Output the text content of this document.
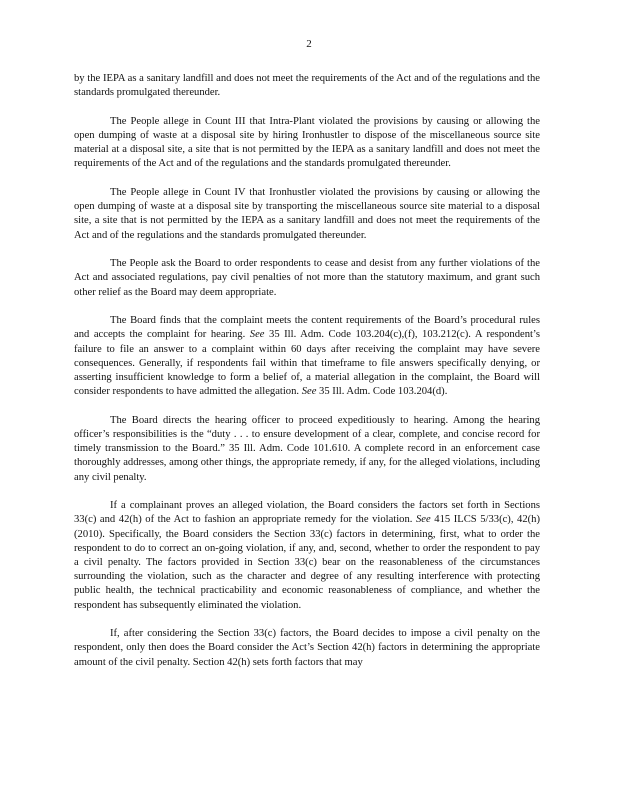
2

by the IEPA as a sanitary landfill and does not meet the requirements of the Act and of the regulations and the standards promulgated thereunder.

The People allege in Count III that Intra-Plant violated the provisions by causing or allowing the open dumping of waste at a disposal site by hiring Ironhustler to dispose of the miscellaneous source site material at a disposal site, a site that is not permitted by the IEPA as a sanitary landfill and does not meet the requirements of the Act and of the regulations and the standards promulgated thereunder.

The People allege in Count IV that Ironhustler violated the provisions by causing or allowing the open dumping of waste at a disposal site by transporting the miscellaneous source site material to a disposal site, a site that is not permitted by the IEPA as a sanitary landfill and does not meet the requirements of the Act and of the regulations and the standards promulgated thereunder.

The People ask the Board to order respondents to cease and desist from any further violations of the Act and associated regulations, pay civil penalties of not more than the statutory maximum, and grant such other relief as the Board may deem appropriate.

The Board finds that the complaint meets the content requirements of the Board’s procedural rules and accepts the complaint for hearing. See 35 Ill. Adm. Code 103.204(c),(f), 103.212(c). A respondent’s failure to file an answer to a complaint within 60 days after receiving the complaint may have severe consequences. Generally, if respondents fail within that timeframe to file answers specifically denying, or asserting insufficient knowledge to form a belief of, a material allegation in the complaint, the Board will consider respondents to have admitted the allegation. See 35 Ill. Adm. Code 103.204(d).

The Board directs the hearing officer to proceed expeditiously to hearing. Among the hearing officer’s responsibilities is the “duty . . . to ensure development of a clear, complete, and concise record for timely transmission to the Board.” 35 Ill. Adm. Code 101.610. A complete record in an enforcement case thoroughly addresses, among other things, the appropriate remedy, if any, for the alleged violations, including any civil penalty.

If a complainant proves an alleged violation, the Board considers the factors set forth in Sections 33(c) and 42(h) of the Act to fashion an appropriate remedy for the violation. See 415 ILCS 5/33(c), 42(h) (2010). Specifically, the Board considers the Section 33(c) factors in determining, first, what to order the respondent to do to correct an on-going violation, if any, and, second, whether to order the respondent to pay a civil penalty. The factors provided in Section 33(c) bear on the reasonableness of the circumstances surrounding the violation, such as the character and degree of any resulting interference with protecting public health, the technical practicability and economic reasonableness of compliance, and whether the respondent has subsequently eliminated the violation.

If, after considering the Section 33(c) factors, the Board decides to impose a civil penalty on the respondent, only then does the Board consider the Act’s Section 42(h) factors in determining the appropriate amount of the civil penalty. Section 42(h) sets forth factors that may
